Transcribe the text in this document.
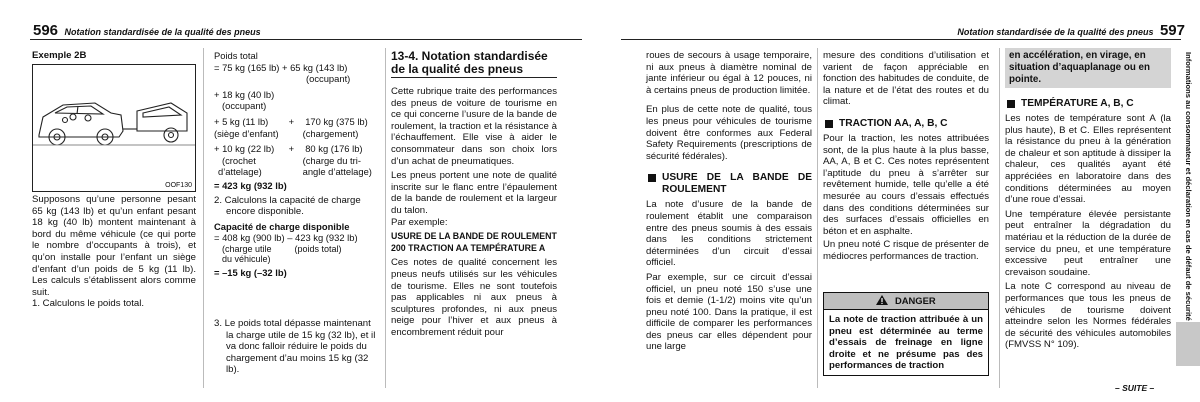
596 Notation standardisée de la qualité des pneus
Exemple 2B
OOF130

Supposons qu’une personne pesant 65 kg (143 lb) et qu’un enfant pesant 18 kg (40 lb) montent maintenant à bord du même véhicule (ce qui porte le nombre d’occupants à trois), et qu’on installe pour l’enfant un siège d’enfant d’un poids de 5 kg (11 lb). Les calculs s’établissent alors comme suit.

1. Calculons le poids total.

Poids total
= 75 kg (165 lb) + 65 kg (143 lb)
(occupant)
+ 18 kg (40 lb)
(occupant)
+ 5 kg (11 lb) + 170 kg (375 lb)
(siège d’enfant)	(chargement)
+ 10 kg (22 lb) + 80 kg (176 lb)
(crochet	(charge du tri-
d’attelage)	angle d’attelage)
= 423 kg (932 lb)
2. Calculons la capacité de charge encore disponible.
Capacité de charge disponible
= 408 kg (900 lb) – 423 kg (932 lb)
(charge utile	(poids total)
du véhicule)
= –15 kg (–32 lb)
3. Le poids total dépasse maintenant la charge utile de 15 kg (32 lb), et il va donc falloir réduire le poids du chargement d’au moins 15 kg (32 lb).
13-4. Notation standardisée de la qualité des pneus

Cette rubrique traite des performances des pneus de voiture de tourisme en ce qui concerne l’usure de la bande de roulement, la traction et la résistance à l’échauffement. Elle vise à aider le consommateur dans son choix lors d’un achat de pneumatiques.

Les pneus portent une note de qualité inscrite sur le flanc entre l’épaulement de la bande de roulement et la largeur du talon.

Par exemple:

USURE DE LA BANDE DE ROULEMENT 200 TRACTION AA TEMPÉRATURE A

Ces notes de qualité concernent les pneus neufs utilisés sur les véhicules de tourisme. Elles ne sont toutefois pas applicables ni aux pneus à sculptures profondes, ni aux pneus neige pour l’hiver et aux pneus à encombrement réduit pour

Notation standardisée de la qualité des pneus 597

roues de secours à usage temporaire, ni aux pneus à diamètre nominal de jante inférieur ou égal à 12 pouces, ni à certains pneus de production limitée.

En plus de cette note de qualité, tous les pneus pour véhicules de tourisme doivent être conformes aux Federal Safety Requirements (prescriptions de sécurité fédérales).

USURE DE LA BANDE DE ROULEMENT

La note d’usure de la bande de roulement établit une comparaison entre des pneus soumis à des essais dans les conditions strictement déterminées d’un circuit d’essai officiel.

Par exemple, sur ce circuit d’essai officiel, un pneu noté 150 s’use une fois et demie (1-1/2) moins vite qu’un pneu noté 100. Dans la pratique, il est difficile de comparer les performances des pneus car elles dépendent pour une large

mesure des conditions d’utilisation et varient de façon appréciable en fonction des habitudes de conduite, de la nature et de l’état des routes et du climat.

TRACTION AA, A, B, C

Pour la traction, les notes attribuées sont, de la plus haute à la plus basse, AA, A, B et C. Ces notes représentent l’aptitude du pneu à s’arrêter sur revêtement humide, telle qu’elle a été mesurée au cours d’essais effectués dans des conditions déterminées sur des surfaces d’essais officielles en béton et en asphalte.

Un pneu noté C risque de présenter de médiocres performances de traction.

DANGER

La note de traction attribuée à un pneu est déterminée au terme d’essais de freinage en ligne droite et ne présume pas des performances de traction

en accélération, en virage, en situation d’aquaplanage ou en pointe.

TEMPÉRATURE A, B, C

Les notes de température sont A (la plus haute), B et C. Elles représentent la résistance du pneu à la génération de chaleur et son aptitude à dissiper la chaleur, ces qualités ayant été appréciées en laboratoire dans des conditions déterminées au moyen d’une roue d’essai.

Une température élevée persistante peut entraîner la dégradation du matériau et la réduction de la durée de service du pneu, et une température excessive peut entraîner une crevaison soudaine.

La note C correspond au niveau de performances que tous les pneus de véhicules de tourisme doivent atteindre selon les Normes fédérales de sécurité des véhicules automobiles (FMVSS N° 109).

– SUITE –
Informations au consommateur et déclaration en cas de défaut de sécurité
